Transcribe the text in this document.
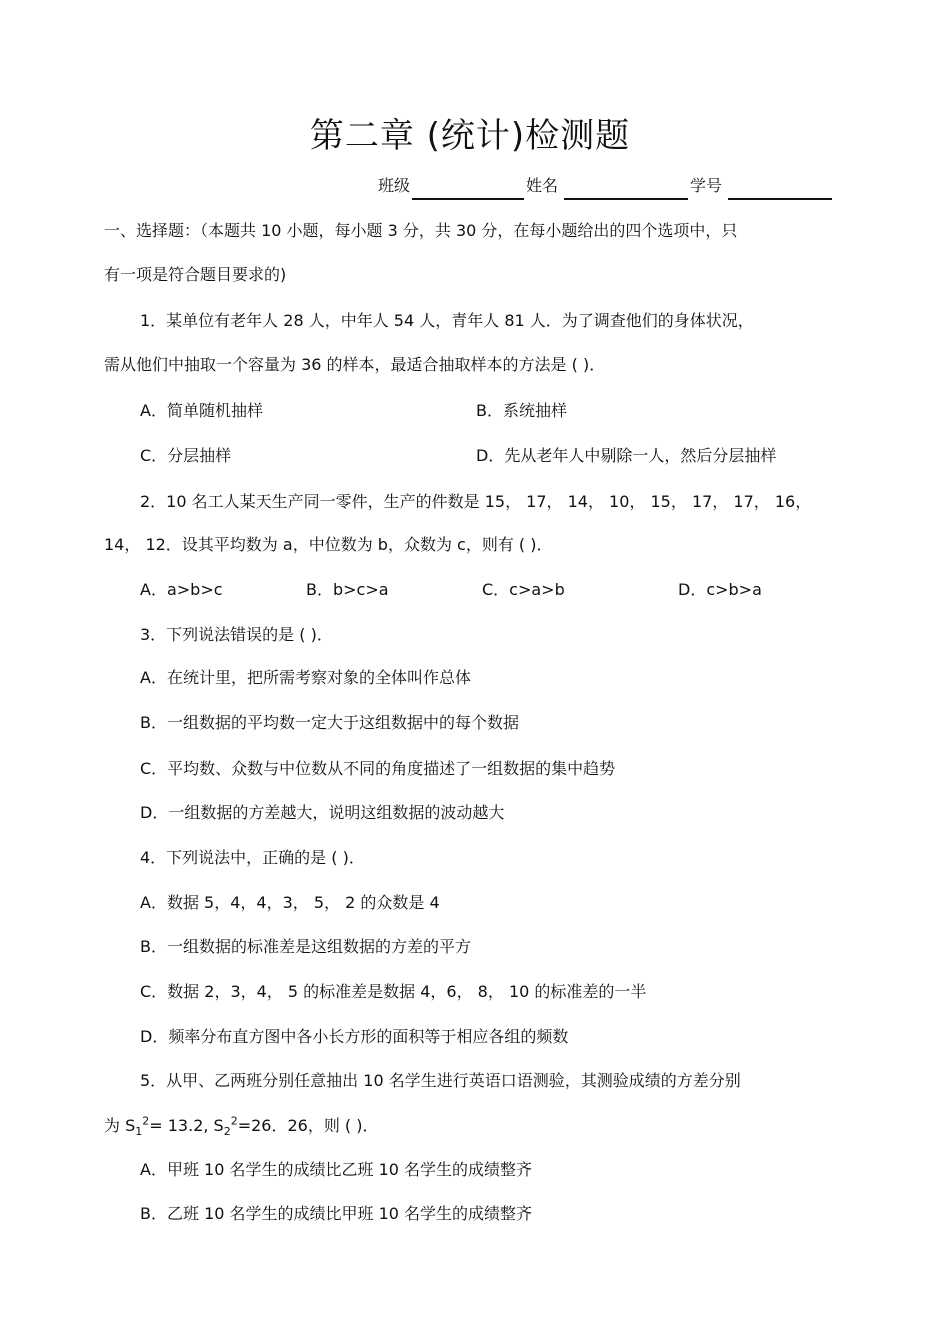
第二章 (统计)检测题
班级	姓名	学号
一、选择题：（本题共 10 小题，每小题 3 分，共 30 分，在每小题给出的四个选项中，只
有一项是符合题目要求的)
1．某单位有老年人 28 人，中年人 54 人，青年人 81 人．为了调查他们的身体状况，
需从他们中抽取一个容量为 36 的样本，最适合抽取样本的方法是 ( )．
A．简单随机抽样	B．系统抽样
C．分层抽样	D．先从老年人中剔除一人，然后分层抽样
2．10 名工人某天生产同一零件，生产的件数是 15， 17， 14， 10， 15， 17， 17， 16，
14， 12．设其平均数为 a，中位数为 b，众数为 c，则有 ( )．
A．a>b>c	B．b>c>a	C．c>a>b	D．c>b>a
3．下列说法错误的是 ( )．
A．在统计里，把所需考察对象的全体叫作总体
B．一组数据的平均数一定大于这组数据中的每个数据
C．平均数、众数与中位数从不同的角度描述了一组数据的集中趋势
D．一组数据的方差越大，说明这组数据的波动越大
4．下列说法中，正确的是 ( )．
A．数据 5，4，4，3， 5， 2 的众数是 4
B．一组数据的标准差是这组数据的方差的平方
C．数据 2，3，4， 5 的标准差是数据 4，6， 8， 10 的标准差的一半
D．频率分布直方图中各小长方形的面积等于相应各组的频数
5．从甲、乙两班分别任意抽出 10 名学生进行英语口语测验，其测验成绩的方差分别
为 $S_1^2= 13.2$, $S_2^2=26$．26，则 ( )．
A．甲班 10 名学生的成绩比乙班 10 名学生的成绩整齐
B．乙班 10 名学生的成绩比甲班 10 名学生的成绩整齐
